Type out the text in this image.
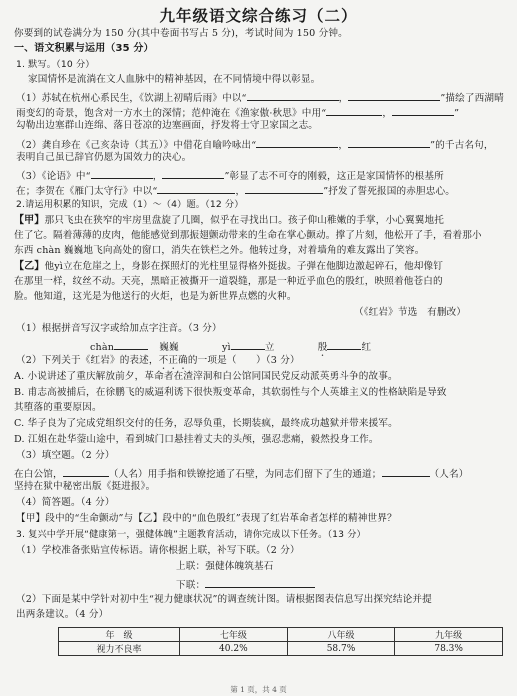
九年级语文综合练习（二）
你要到的试卷满分为 150 分(其中卷面书写占 5 分)，考试时间为 150 分钟。
一、语文积累与运用（35 分）
1. 默写。（10 分）
家国情怀是流淌在文人血脉中的精神基因，在不同情境中得以彰显。
（1）苏轼在杭州心系民生，《饮湖上初晴后雨》中以“	，	”描绘了西湖晴
雨变幻的奇景，饱含对一方水土的深情；范仲淹在《渔家傲·秋思》中用“	，	”
勾勒出边塞群山连绵、落日苍凉的边塞画面，抒发将士守卫家国之志。
（2）龚自珍在《己亥杂诗（其五）》中借花自喻吟咏出“	，	”的千古名句，
表明自己虽已辞官仍愿为国效力的决心。
（3）《论语》中“	，	”彰显了志不可夺的刚毅，这正是家国情怀的根基所
在；李贺在《雁门太守行》中以“	，	”抒发了誓死报国的赤胆忠心。
2.请运用积累的知识，完成（1）～（4）题。（12 分）
【甲】那只飞虫在狭窄的牢房里盘旋了几圈，似乎在寻找出口。孩子仰山稚嫩的手掌，小心翼翼地托
住了它。隔着薄薄的皮肉，他能感觉到那振翅颤动带来的生命在掌心颤动。撑了片刻，他松开了手，看着那小
东西 chàn 巍巍地飞向高处的窗口，消失在铁栏之外。他转过身，对着墙角的难友露出了笑容。
【乙】他yì立在危崖之上，身影在探照灯的光柱里显得格外挺拔。子弹在他脚边激起碎石，他却像钉
在那里一样，纹丝不动。天亮，黑暗正被撕开一道裂缝，那是一种近乎血色的殷红，映照着他苍白的
脸。他知道，这光是为他送行的火炬，也是为新世界点燃的火种。
（《红岩》节选　有删改）
（1）根据拼音写汉字或给加点字注音。（3 分）
chàn	巍巍	yì	立	殷	红
（2）下列关于《红岩》的表述，不正确的一项是（　　）（3 分）
A. 小说讲述了重庆解放前夕，革命者在渣滓洞和白公馆同国民党反动派英勇斗争的故事。
B. 甫志高被捕后，在徐鹏飞的威逼利诱下很快叛变革命，其软弱性与个人英雄主义的性格缺陷是导致
其堕落的重要原因。
C. 华子良为了完成党组织交付的任务，忍辱负重，长期装疯，最终成功越狱并带来援军。
D. 江姐在赴华蓥山途中，看到城门口悬挂着丈夫的头颅，强忍悲痛，毅然投身工作。
（3）填空题。（2 分）
在白公馆，	（人名）用手指和铁镣挖通了石壁，为同志们留下了生的通道；	（人名）
坚持在狱中秘密出版《挺进报》。
（4）简答题。（4 分）
【甲】段中的“生命颤动”与【乙】段中的“血色殷红”表现了红岩革命者怎样的精神世界？
3. 复兴中学开展“健康第一，强健体魄”主题教育活动，请你完成以下任务。（13 分）
（1）学校准备张贴宣传标语。请你根据上联，补写下联。（2 分）
上联：强健体魄筑基石
下联：
（2）下面是某中学针对初中生“视力健康状况”的调查统计图。请根据图表信息写出探究结论并提
出两条建议。（4 分）
年　级	七年级	八年级	九年级
视力不良率	40.2%	58.7%	78.3%
第 1 页，共 4 页
